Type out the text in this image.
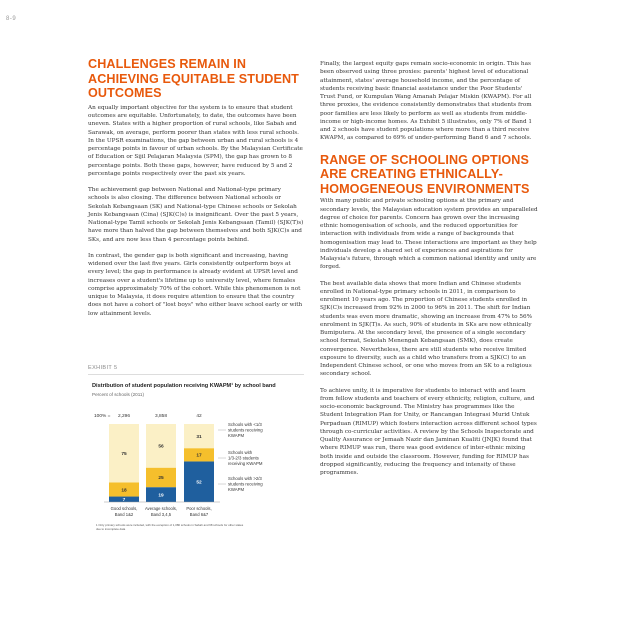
8-9
CHALLENGES REMAIN IN ACHIEVING EQUITABLE STUDENT OUTCOMES

An equally important objective for the system is to ensure that student outcomes are equitable. Unfortunately, to date, the outcomes have been uneven. States with a higher proportion of rural schools, like Sabah and Sarawak, on average, perform poorer than states with less rural schools. In the UPSR examinations, the gap between urban and rural schools is 4 percentage points in favour of urban schools. By the Malaysian Certificate of Education or Sijil Pelajaran Malaysia (SPM), the gap has grown to 8 percentage points. Both these gaps, however, have reduced by 5 and 2 percentage points respectively over the past six years.

The achievement gap between National and National-type primary schools is also closing. The difference between National schools or Sekolah Kebangsaan (SK) and National-type Chinese schools or Sekolah Jenis Kebangsaan (Cina) (SJK(C)s) is insignificant. Over the past 5 years, National-type Tamil schools or Sekolah Jenis Kebangsaan (Tamil) (SJK(T)s) have more than halved the gap between themselves and both SJK(C)s and SKs, and are now less than 4 percentage points behind.

In contrast, the gender gap is both significant and increasing, having widened over the last five years. Girls consistently outperform boys at every level; the gap in performance is already evident at UPSR level and increases over a student's lifetime up to university level, where females comprise approximately 70% of the cohort. While this phenomenon is not unique to Malaysia, it does require attention to ensure that the country does not have a cohort of "lost boys" who either leave school early or with low attainment levels.

EXHIBIT 5
Distribution of student population receiving KWAPM¹ by school band
Percent of schools (2011)
100% = 2,296
7
18
75
Good schools,
Band 1&2
3,858
19
25
56
Average schools,
Band 3,4,5
42
52
17
31
Poor schools,
Band 6&7
Schools with <1/3
students receiving
KWAPM
Schools with
1/3-2/3 students
receiving KWAPM
Schools with >2/3
students receiving
KWAPM
1 Only primary schools were included, with the exception of 1,080 schools in Sabah and 68 schools for other states
due to incomplete data

Finally, the largest equity gaps remain socio-economic in origin. This has been observed using three proxies: parents' highest level of educational attainment, states' average household income, and the percentage of students receiving basic financial assistance under the Poor Students' Trust Fund, or Kumpulan Wang Amanah Pelajar Miskin (KWAPM). For all three proxies, the evidence consistently demonstrates that students from poor families are less likely to perform as well as students from middle-income or high-income homes. As Exhibit 5 illustrates, only 7% of Band 1 and 2 schools have student populations where more than a third receive KWAPM, as compared to 69% of under-performing Band 6 and 7 schools.

RANGE OF SCHOOLING OPTIONS ARE CREATING ETHNICALLY-HOMOGENEOUS ENVIRONMENTS

With many public and private schooling options at the primary and secondary levels, the Malaysian education system provides an unparalleled degree of choice for parents. Concern has grown over the increasing ethnic homogenisation of schools, and the reduced opportunities for interaction with individuals from wide a range of backgrounds that homogenisation may lead to. These interactions are important as they help individuals develop a shared set of experiences and aspirations for Malaysia's future, through which a common national identity and unity are forged.

The best available data shows that more Indian and Chinese students enrolled in National-type primary schools in 2011, in comparison to enrolment 10 years ago. The proportion of Chinese students enrolled in SJK(C)s increased from 92% in 2000 to 96% in 2011. The shift for Indian students was even more dramatic, showing an increase from 47% to 56% enrolment in SJK(T)s. As such, 90% of students in SKs are now ethnically Bumiputera. At the secondary level, the presence of a single secondary school format, Sekolah Menengah Kebangsaan (SMK), does create convergence. Nevertheless, there are still students who receive limited exposure to diversity, such as a child who transfers from a SJK(C) to an Independent Chinese school, or one who moves from an SK to a religious secondary school.

To achieve unity, it is imperative for students to interact with and learn from fellow students and teachers of every ethnicity, religion, culture, and socio-economic background. The Ministry has programmes like the Student Integration Plan for Unity, or Rancangan Integrasi Murid Untuk Perpaduan (RIMUP) which fosters interaction across different school types through co-curricular activities. A review by the Schools Inspectorate and Quality Assurance or Jemaah Nazir dan Jaminan Kualiti (JNJK) found that where RIMUP was run, there was good evidence of inter-ethnic mixing both inside and outside the classroom. However, funding for RIMUP has dropped significantly, reducing the frequency and intensity of these programmes.
